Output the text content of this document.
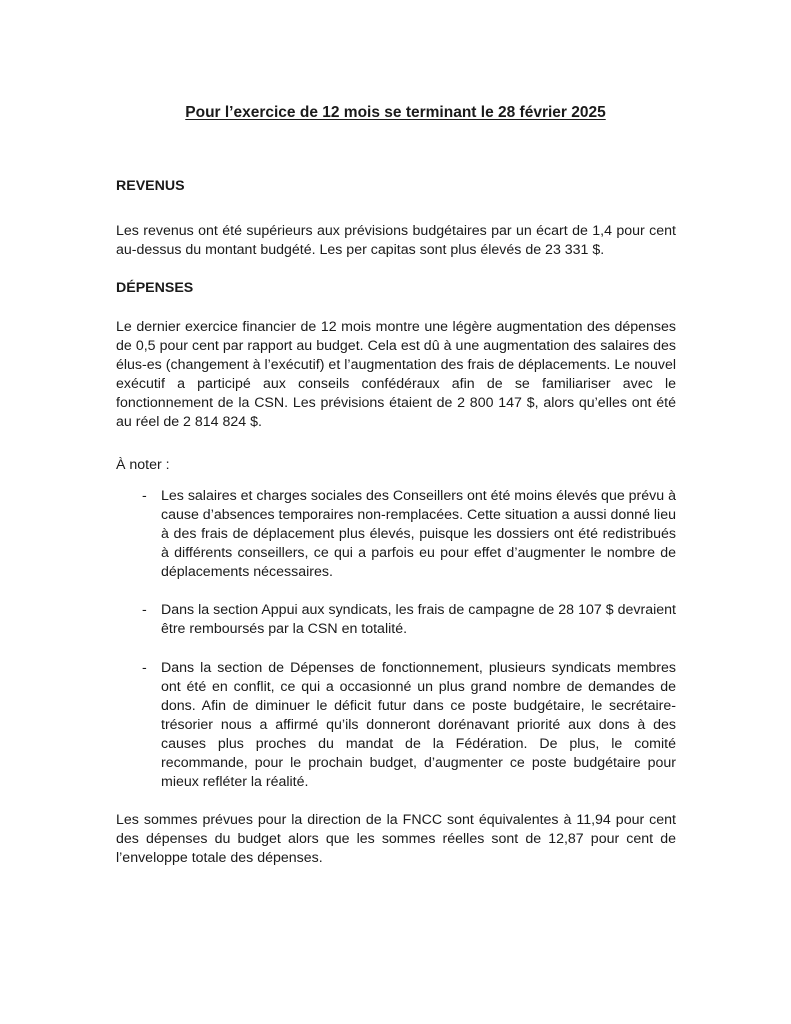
Pour l’exercice de 12 mois se terminant le 28 février 2025

REVENUS

Les revenus ont été supérieurs aux prévisions budgétaires par un écart de 1,4 pour cent au-dessus du montant budgété. Les per capitas sont plus élevés de 23 331 $.

DÉPENSES

Le dernier exercice financier de 12 mois montre une légère augmentation des dépenses de 0,5 pour cent par rapport au budget. Cela est dû à une augmentation des salaires des élus-es (changement à l’exécutif) et l’augmentation des frais de déplacements. Le nouvel exécutif a participé aux conseils confédéraux afin de se familiariser avec le fonctionnement de la CSN. Les prévisions étaient de 2 800 147 $, alors qu’elles ont été au réel de 2 814 824 $.

À noter :

- Les salaires et charges sociales des Conseillers ont été moins élevés que prévu à cause d’absences temporaires non-remplacées. Cette situation a aussi donné lieu à des frais de déplacement plus élevés, puisque les dossiers ont été redistribués à différents conseillers, ce qui a parfois eu pour effet d’augmenter le nombre de déplacements nécessaires.
- Dans la section Appui aux syndicats, les frais de campagne de 28 107 $ devraient être remboursés par la CSN en totalité.
- Dans la section de Dépenses de fonctionnement, plusieurs syndicats membres ont été en conflit, ce qui a occasionné un plus grand nombre de demandes de dons. Afin de diminuer le déficit futur dans ce poste budgétaire, le secrétaire-trésorier nous a affirmé qu’ils donneront dorénavant priorité aux dons à des causes plus proches du mandat de la Fédération. De plus, le comité recommande, pour le prochain budget, d’augmenter ce poste budgétaire pour mieux refléter la réalité.

Les sommes prévues pour la direction de la FNCC sont équivalentes à 11,94 pour cent des dépenses du budget alors que les sommes réelles sont de 12,87 pour cent de l’enveloppe totale des dépenses.
